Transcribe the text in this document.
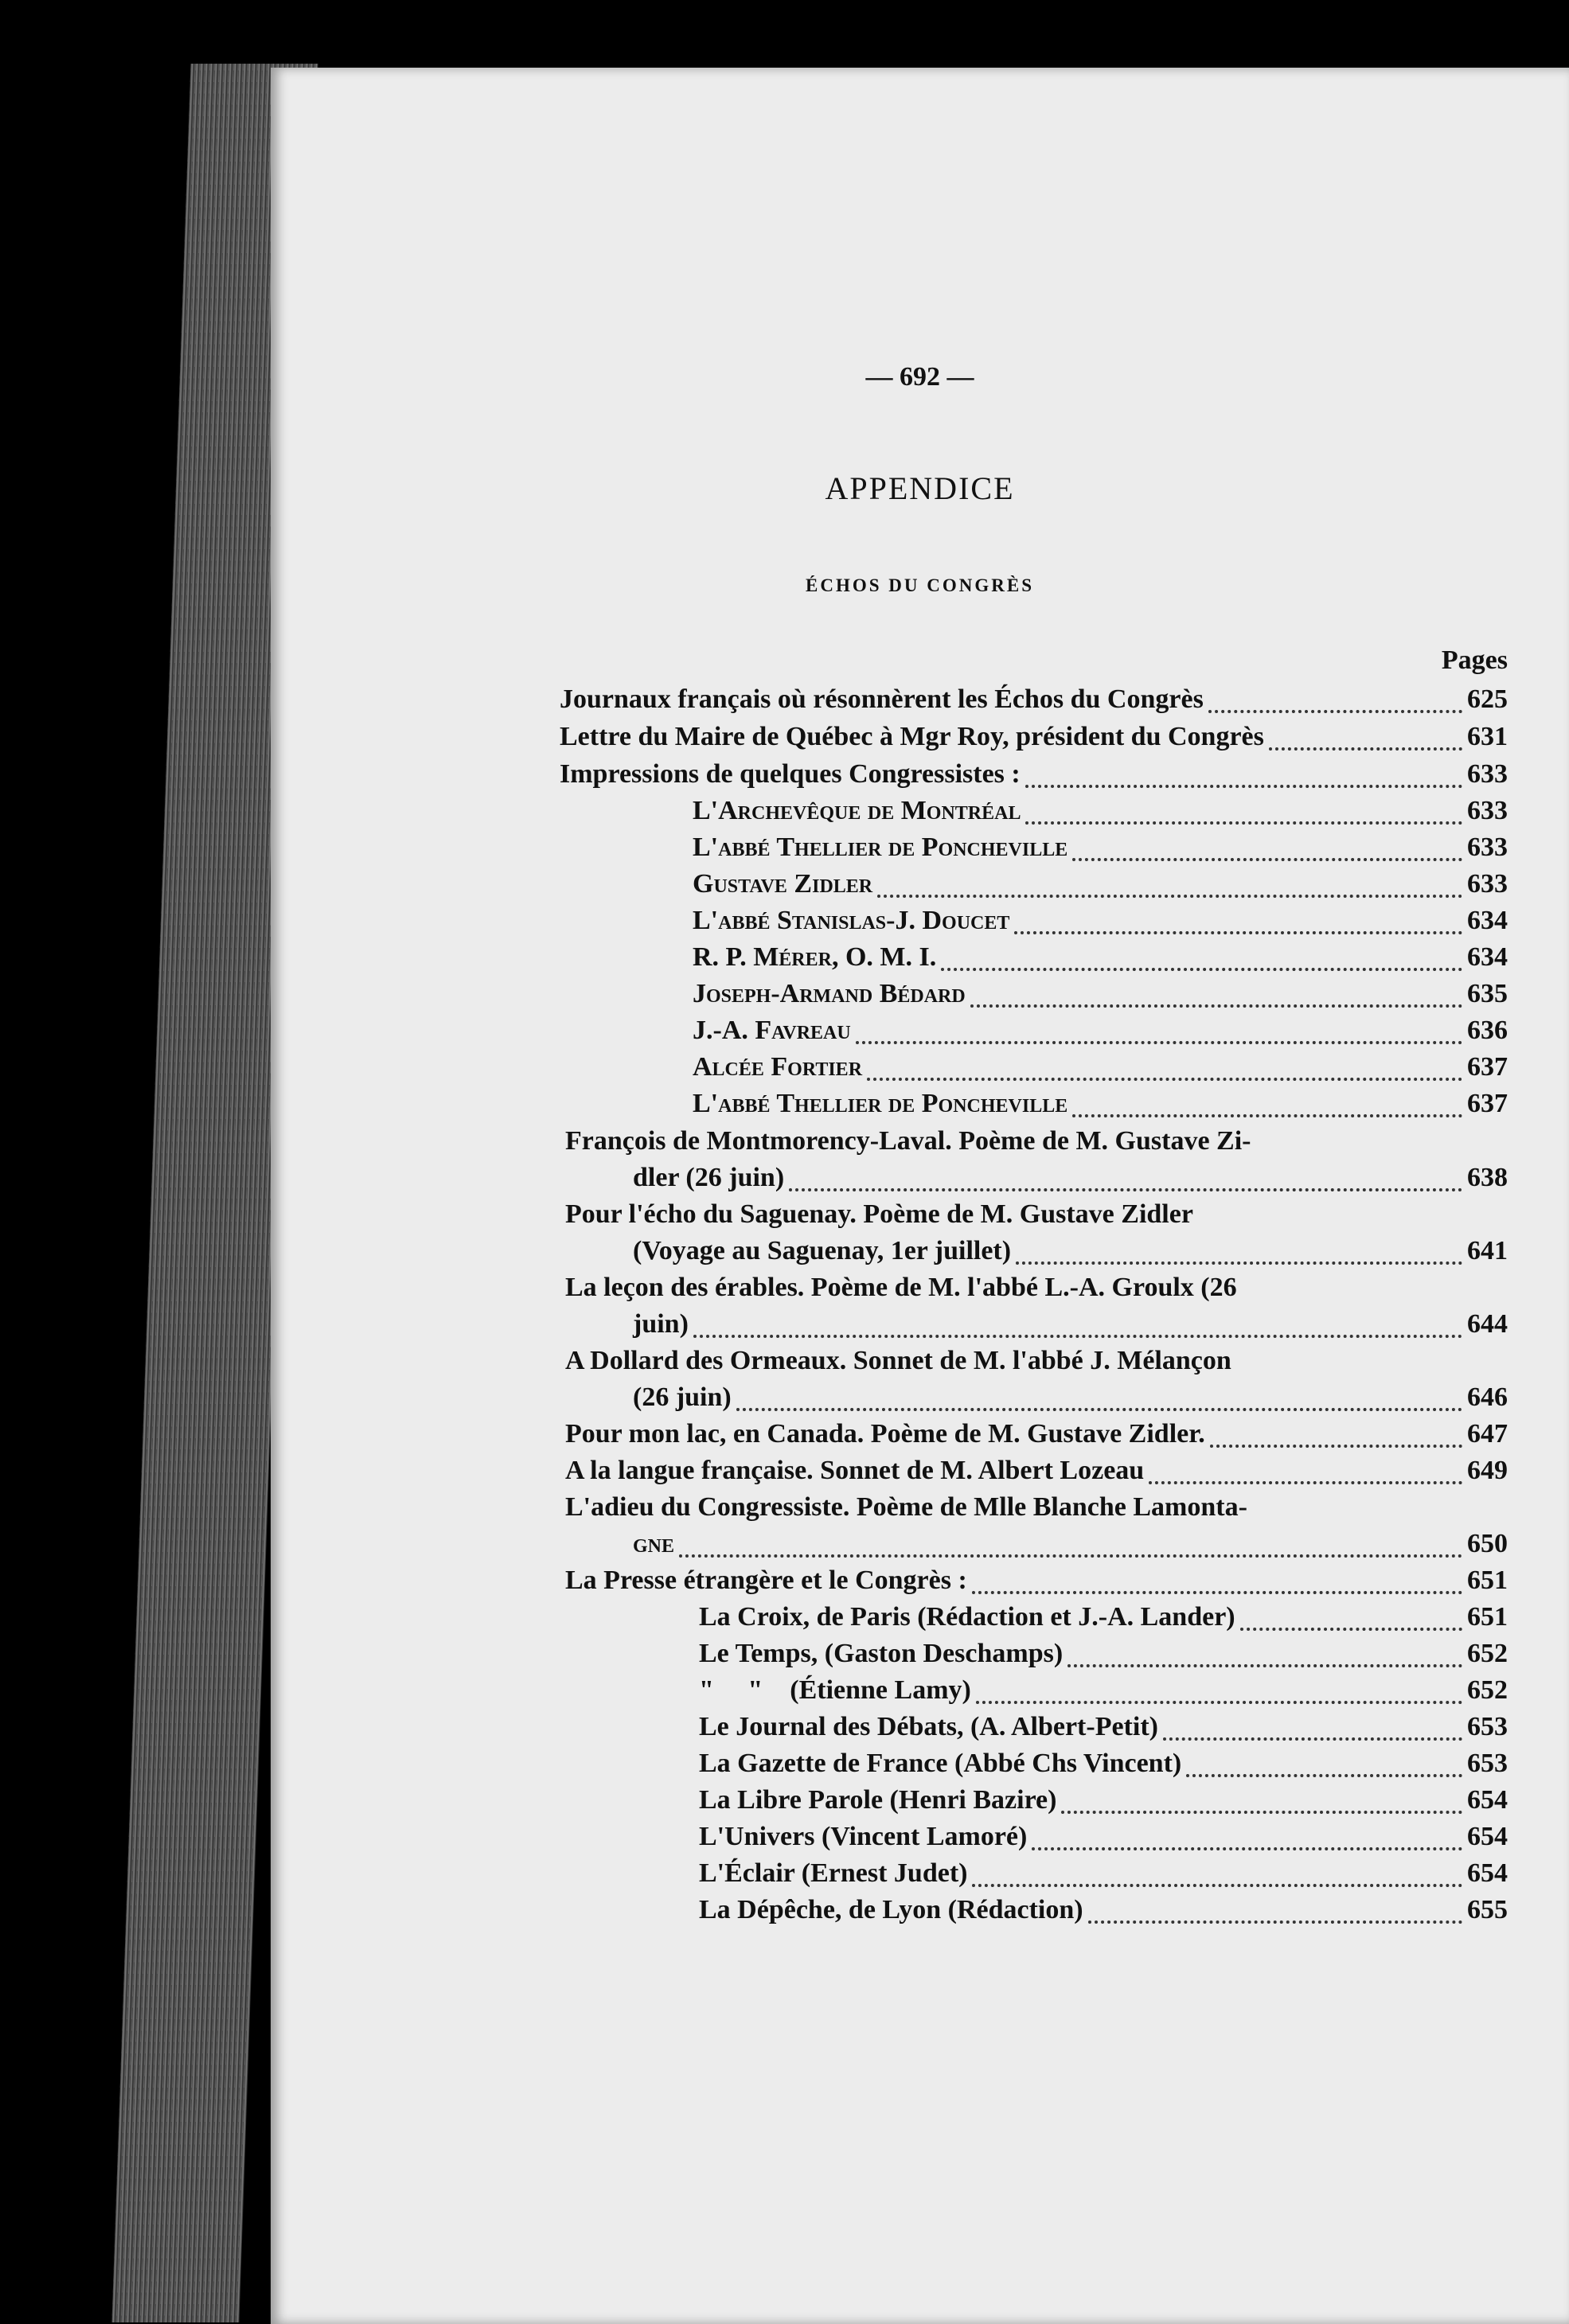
— 692 —
APPENDICE
ÉCHOS DU CONGRÈS
Pages
Journaux français où résonnèrent les Échos du Congrès	625
Lettre du Maire de Québec à Mgr Roy, président du Congrès	631
Impressions de quelques Congressistes :	633
L'Archevêque de Montréal	633
L'abbé Thellier de Poncheville	633
Gustave Zidler	633
L'abbé Stanislas-J. Doucet	634
R. P. Mérer, O. M. I.	634
Joseph-Armand Bédard	635
J.-A. Favreau	636
Alcée Fortier	637
L'abbé Thellier de Poncheville	637
François de Montmorency-Laval. Poème de M. Gustave Zi-
dler (26 juin)	638
Pour l'écho du Saguenay. Poème de M. Gustave Zidler
(Voyage au Saguenay, 1er juillet)	641
La leçon des érables. Poème de M. l'abbé L.-A. Groulx (26
juin)	644
A Dollard des Ormeaux. Sonnet de M. l'abbé J. Mélançon
(26 juin)	646
Pour mon lac, en Canada. Poème de M. Gustave Zidler.	647
A la langue française. Sonnet de M. Albert Lozeau	649
L'adieu du Congressiste. Poème de Mlle Blanche Lamonta-
gne	650
La Presse étrangère et le Congrès :	651
La Croix, de Paris (Rédaction et J.-A. Lander)	651
Le Temps, (Gaston Deschamps)	652
"     "    (Étienne Lamy)	652
Le Journal des Débats, (A. Albert-Petit)	653
La Gazette de France (Abbé Chs Vincent)	653
La Libre Parole (Henri Bazire)	654
L'Univers (Vincent Lamoré)	654
L'Éclair (Ernest Judet)	654
La Dépêche, de Lyon (Rédaction)	655
